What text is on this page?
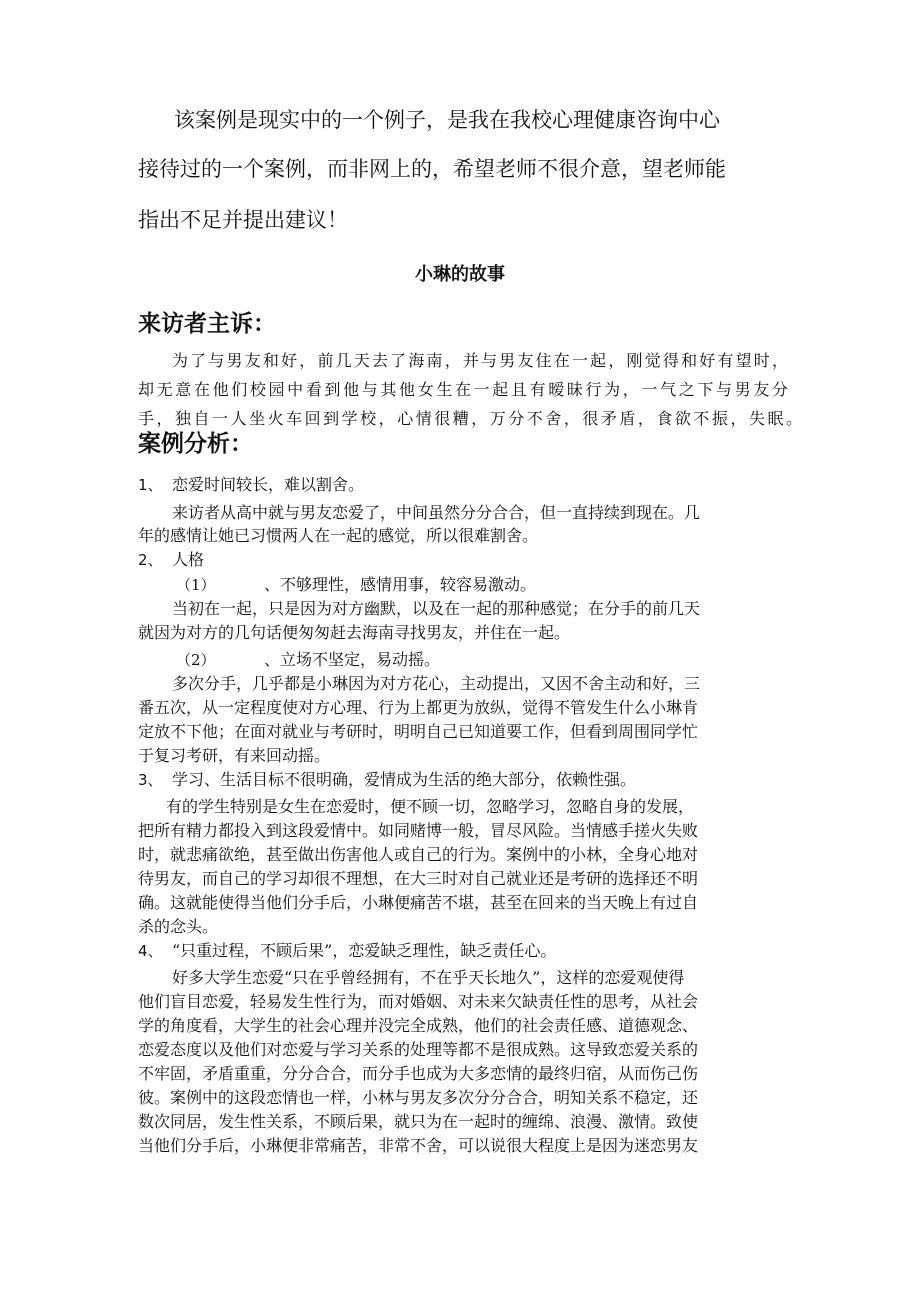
该案例是现实中的一个例子，是我在我校心理健康咨询中心
接待过的一个案例，而非网上的，希望老师不很介意，望老师能
指出不足并提出建议！
小琳的故事
来访者主诉：
为了与男友和好，前几天去了海南，并与男友住在一起，刚觉得和好有望时，
却无意在他们校园中看到他与其他女生在一起且有暧昧行为，一气之下与男友分
手，独自一人坐火车回到学校，心情很糟，万分不舍，很矛盾，食欲不振，失眠。
案例分析：
1、 恋爱时间较长，难以割舍。
来访者从高中就与男友恋爱了，中间虽然分分合合，但一直持续到现在。几
年的感情让她已习惯两人在一起的感觉，所以很难割舍。
2、 人格
（1）	、不够理性，感情用事，较容易激动。
当初在一起，只是因为对方幽默，以及在一起的那种感觉；在分手的前几天
就因为对方的几句话便匆匆赶去海南寻找男友，并住在一起。
（2）	、立场不坚定，易动摇。
多次分手，几乎都是小琳因为对方花心，主动提出，又因不舍主动和好，三
番五次，从一定程度使对方心理、行为上都更为放纵，觉得不管发生什么小琳肯
定放不下他；在面对就业与考研时，明明自己已知道要工作，但看到周围同学忙
于复习考研，有来回动摇。
3、 学习、生活目标不很明确，爱情成为生活的绝大部分，依赖性强。
有的学生特别是女生在恋爱时，便不顾一切，忽略学习，忽略自身的发展，
把所有精力都投入到这段爱情中。如同赌博一般，冒尽风险。当情感手搓火失败
时，就悲痛欲绝，甚至做出伤害他人或自己的行为。案例中的小林，全身心地对
待男友，而自己的学习却很不理想，在大三时对自己就业还是考研的选择还不明
确。这就能使得当他们分手后，小琳便痛苦不堪，甚至在回来的当天晚上有过自
杀的念头。
4、 “只重过程，不顾后果”，恋爱缺乏理性，缺乏责任心。
好多大学生恋爱“只在乎曾经拥有，不在乎天长地久”，这样的恋爱观使得
他们盲目恋爱，轻易发生性行为，而对婚姻、对未来欠缺责任性的思考，从社会
学的角度看，大学生的社会心理并没完全成熟，他们的社会责任感、道德观念、
恋爱态度以及他们对恋爱与学习关系的处理等都不是很成熟。这导致恋爱关系的
不牢固，矛盾重重，分分合合，而分手也成为大多恋情的最终归宿，从而伤己伤
彼。案例中的这段恋情也一样，小林与男友多次分分合合，明知关系不稳定，还
数次同居，发生性关系，不顾后果，就只为在一起时的缠绵、浪漫、激情。致使
当他们分手后，小琳便非常痛苦，非常不舍，可以说很大程度上是因为迷恋男友
